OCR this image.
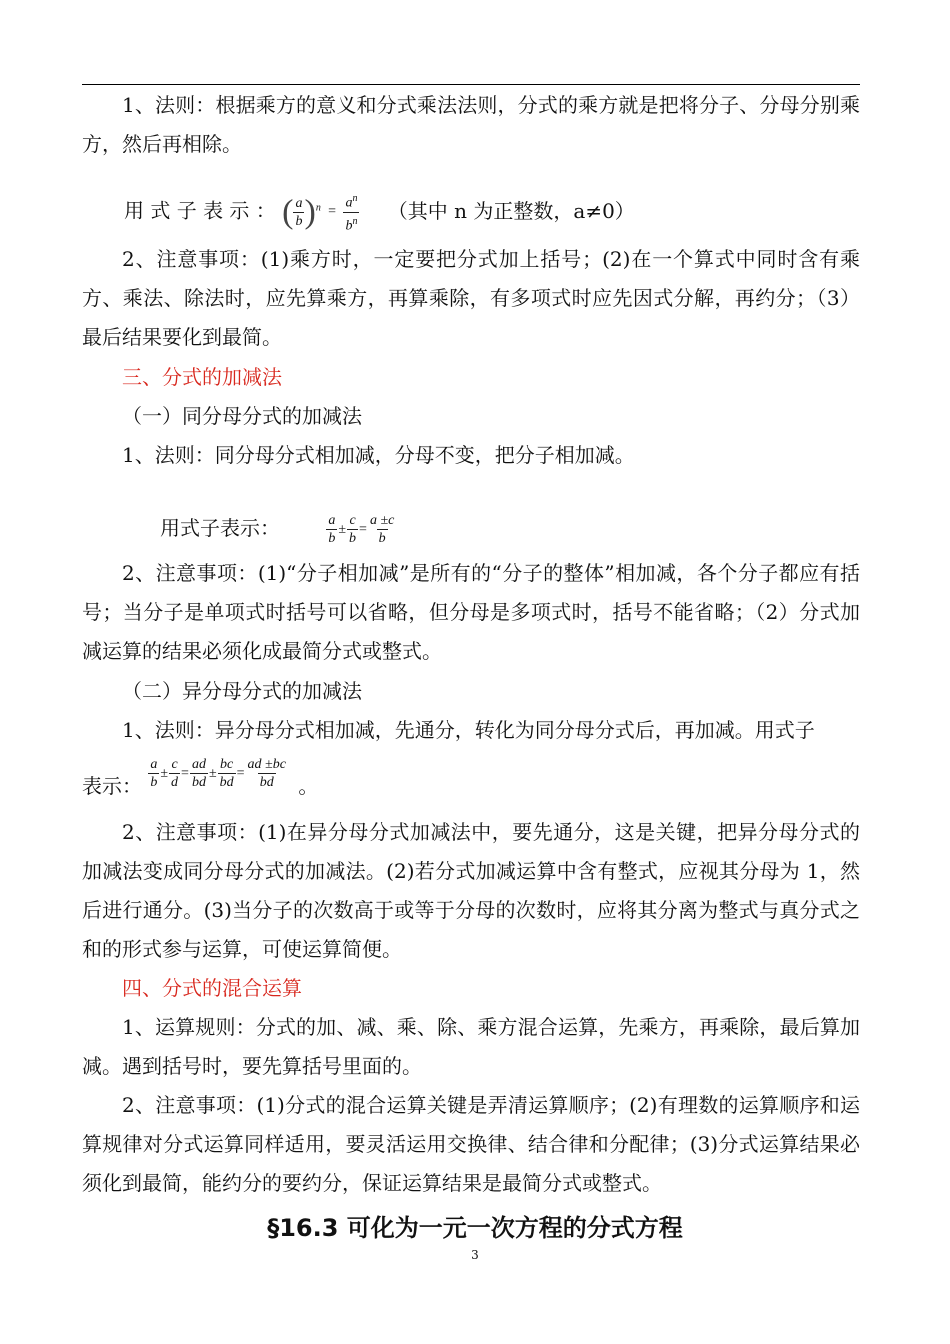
1、法则：根据乘方的意义和分式乘法法则，分式的乘方就是把将分子、分母分别乘方，然后再相除。
用 式 子 表 示 ： ( $\frac{a}{b} )^n = \frac{a^n}{b^n}$ （其中 n 为正整数，a≠0）
2、注意事项：(1)乘方时，一定要把分式加上括号；(2)在一个算式中同时含有乘方、乘法、除法时，应先算乘方，再算乘除，有多项式时应先因式分解，再约分；（3）最后结果要化到最简。
三、分式的加减法
（一）同分母分式的加减法
1、法则：同分母分式相加减，分母不变，把分子相加减。
用式子表示：	$\frac{a}{b} \pm \frac{c}{b} = \frac{a \pm c}{b}$
2、注意事项：(1)“分子相加减”是所有的“分子的整体”相加减，各个分子都应有括号；当分子是单项式时括号可以省略，但分母是多项式时，括号不能省略；（2）分式加减运算的结果必须化成最简分式或整式。
（二）异分母分式的加减法
1、法则：异分母分式相加减，先通分，转化为同分母分式后，再加减。用式子
表示： $\frac{a}{b} \pm \frac{c}{d} = \frac{ad}{bd} \pm \frac{bc}{bd} = \frac{ad \pm bc}{bd}$ 。
2、注意事项：(1)在异分母分式加减法中，要先通分，这是关键，把异分母分式的加减法变成同分母分式的加减法。(2)若分式加减运算中含有整式，应视其分母为 1，然后进行通分。(3)当分子的次数高于或等于分母的次数时，应将其分离为整式与真分式之和的形式参与运算，可使运算简便。
四、分式的混合运算
1、运算规则：分式的加、减、乘、除、乘方混合运算，先乘方，再乘除，最后算加减。遇到括号时，要先算括号里面的。
2、注意事项：(1)分式的混合运算关键是弄清运算顺序；(2)有理数的运算顺序和运算规律对分式运算同样适用，要灵活运用交换律、结合律和分配律；(3)分式运算结果必须化到最简，能约分的要约分，保证运算结果是最简分式或整式。
§16.3 可化为一元一次方程的分式方程
3
